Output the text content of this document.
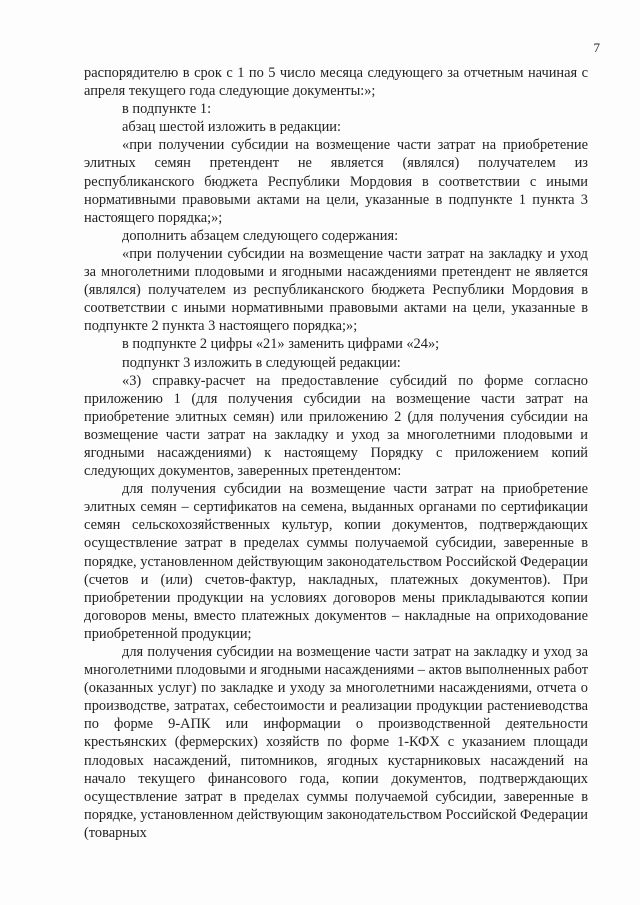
7

распорядителю в срок с 1 по 5 число месяца следующего за отчетным начиная с апреля текущего года следующие документы:»;

в подпункте 1:

абзац шестой изложить в редакции:

«при получении субсидии на возмещение части затрат на приобретение элитных семян претендент не является (являлся) получателем из республиканского бюджета Республики Мордовия в соответствии с иными нормативными правовыми актами на цели, указанные в подпункте 1 пункта 3 настоящего порядка;»;

дополнить абзацем следующего содержания:

«при получении субсидии на возмещение части затрат на закладку и уход за многолетними плодовыми и ягодными насаждениями претендент не является (являлся) получателем из республиканского бюджета Республики Мордовия в соответствии с иными нормативными правовыми актами на цели, указанные в подпункте 2 пункта 3 настоящего порядка;»;

в подпункте 2 цифры «21» заменить цифрами «24»;

подпункт 3 изложить в следующей редакции:

«3) справку-расчет на предоставление субсидий по форме согласно приложению 1 (для получения субсидии на возмещение части затрат на приобретение элитных семян) или приложению 2 (для получения субсидии на возмещение части затрат на закладку и уход за многолетними плодовыми и ягодными насаждениями) к настоящему Порядку с приложением копий следующих документов, заверенных претендентом:

для получения субсидии на возмещение части затрат на приобретение элитных семян – сертификатов на семена, выданных органами по сертификации семян сельскохозяйственных культур, копии документов, подтверждающих осуществление затрат в пределах суммы получаемой субсидии, заверенные в порядке, установленном действующим законодательством Российской Федерации (счетов и (или) счетов-фактур, накладных, платежных документов). При приобретении продукции на условиях договоров мены прикладываются копии договоров мены, вместо платежных документов – накладные на оприходование приобретенной продукции;

для получения субсидии на возмещение части затрат на закладку и уход за многолетними плодовыми и ягодными насаждениями – актов выполненных работ (оказанных услуг) по закладке и уходу за многолетними насаждениями, отчета о производстве, затратах, себестоимости и реализации продукции растениеводства по форме 9-АПК или информации о производственной деятельности крестьянских (фермерских) хозяйств по форме 1-КФХ с указанием площади плодовых насаждений, питомников, ягодных кустарниковых насаждений на начало текущего финансового года, копии документов, подтверждающих осуществление затрат в пределах суммы получаемой субсидии, заверенные в порядке, установленном действующим законодательством Российской Федерации (товарных
